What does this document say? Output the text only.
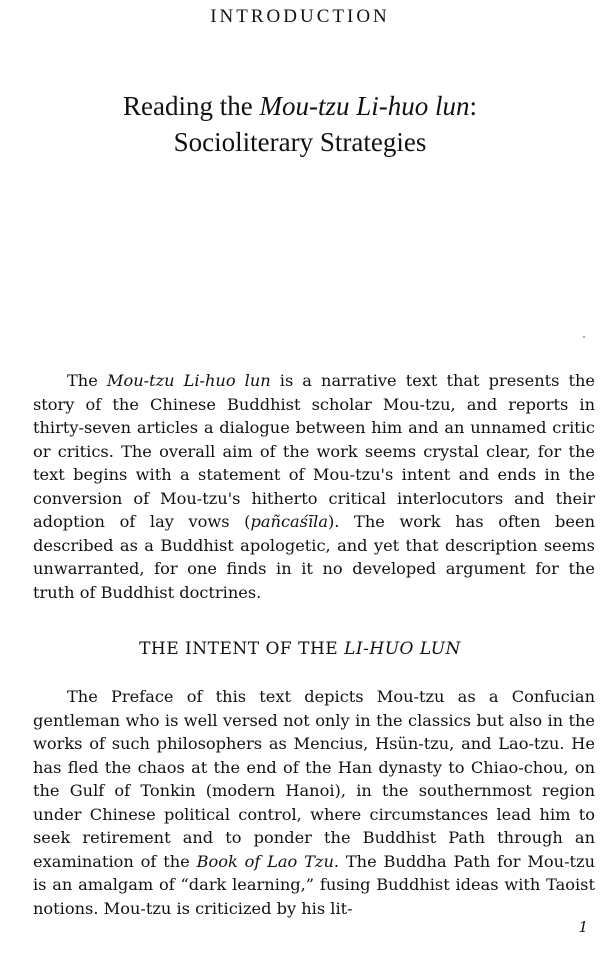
INTRODUCTION
Reading the Mou-tzu Li-huo lun:
Socioliterary Strategies

The Mou-tzu Li-huo lun is a narrative text that presents the story of the Chinese Buddhist scholar Mou-tzu, and reports in thirty-seven articles a dialogue between him and an unnamed critic or critics. The overall aim of the work seems crystal clear, for the text begins with a statement of Mou-tzu's intent and ends in the conversion of Mou-tzu's hitherto critical interlocutors and their adoption of lay vows (pañcaśīla). The work has often been described as a Buddhist apologetic, and yet that description seems unwarranted, for one finds in it no developed argument for the truth of Buddhist doctrines.

THE INTENT OF THE LI-HUO LUN

The Preface of this text depicts Mou-tzu as a Confucian gentleman who is well versed not only in the classics but also in the works of such philosophers as Mencius, Hsün-tzu, and Lao-tzu. He has fled the chaos at the end of the Han dynasty to Chiao-chou, on the Gulf of Tonkin (modern Hanoi), in the southernmost region under Chinese political control, where circumstances lead him to seek retirement and to ponder the Buddhist Path through an examination of the Book of Lao Tzu. The Buddha Path for Mou-tzu is an amalgam of “dark learning,” fusing Buddhist ideas with Taoist notions. Mou-tzu is criticized by his lit-

1
